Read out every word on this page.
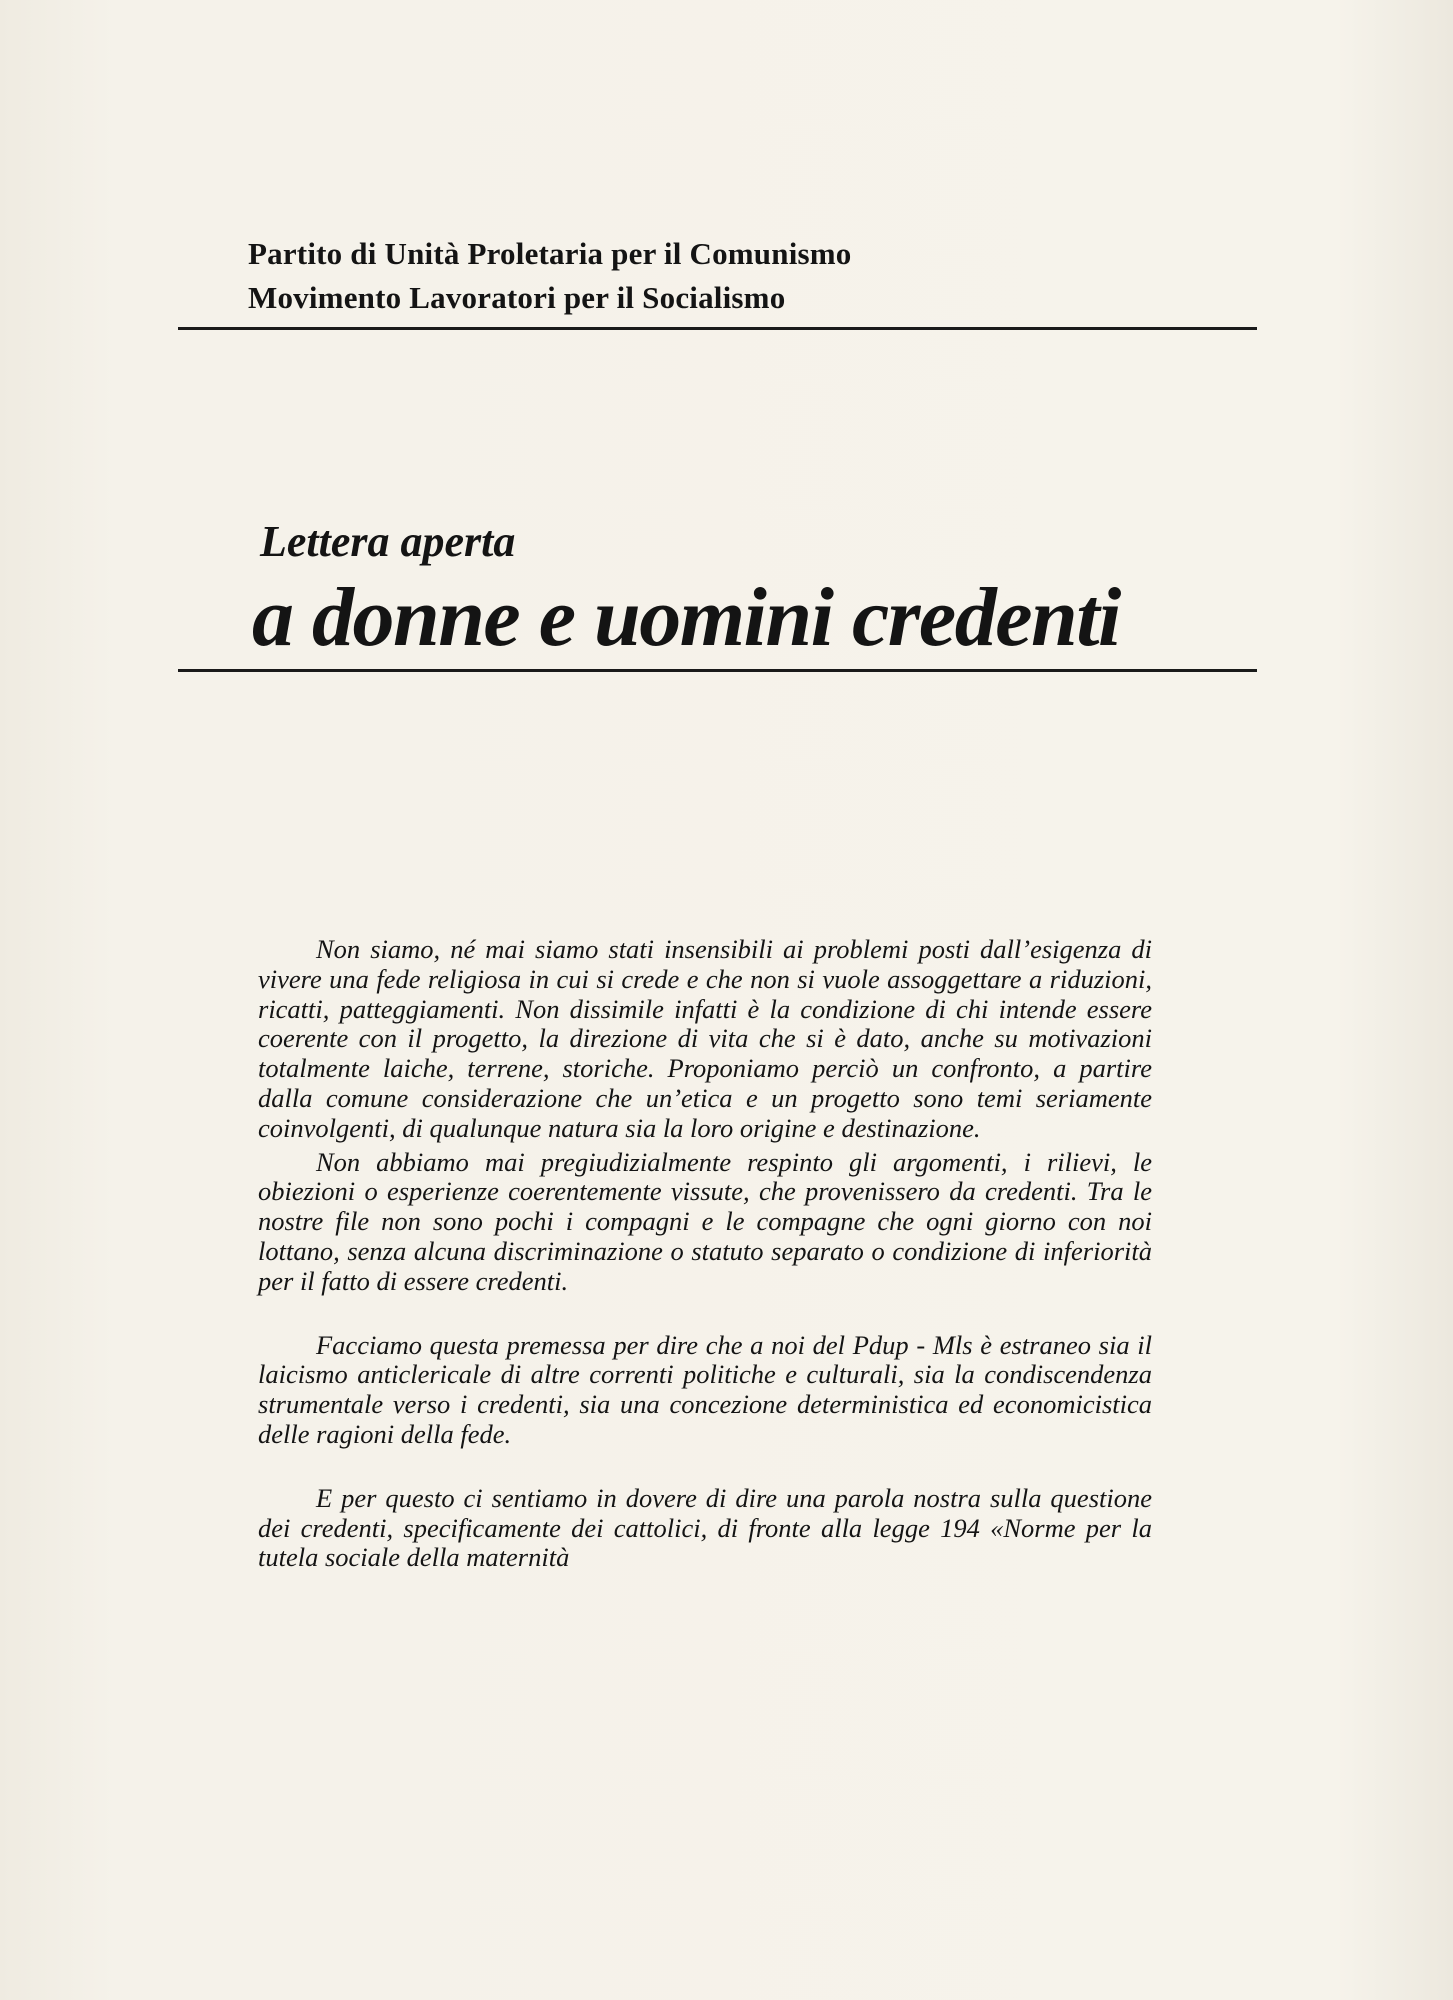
Partito di Unità Proletaria per il Comunismo
Movimento Lavoratori per il Socialismo
Lettera aperta
a donne e uomini credenti

Non siamo, né mai siamo stati insensibili ai problemi posti dall’esigenza di vivere una fede religiosa in cui si crede e che non si vuole assoggettare a riduzioni, ricatti, patteggiamenti. Non dissimile infatti è la condizione di chi intende essere coerente con il progetto, la direzione di vita che si è dato, anche su motivazioni totalmente laiche, terrene, storiche. Proponiamo perciò un confronto, a partire dalla comune considerazione che un’etica e un progetto sono temi seriamente coinvolgenti, di qualunque natura sia la loro origine e destinazione.

Non abbiamo mai pregiudizialmente respinto gli argomenti, i rilievi, le obiezioni o esperienze coerentemente vissute, che provenissero da credenti. Tra le nostre file non sono pochi i compagni e le compagne che ogni giorno con noi lottano, senza alcuna discriminazione o statuto separato o condizione di inferiorità per il fatto di essere credenti.

Facciamo questa premessa per dire che a noi del Pdup - Mls è estraneo sia il laicismo anticlericale di altre correnti politiche e culturali, sia la condiscendenza strumentale verso i credenti, sia una concezione deterministica ed economicistica delle ragioni della fede.

E per questo ci sentiamo in dovere di dire una parola nostra sulla questione dei credenti, specificamente dei cattolici, di fronte alla legge 194 «Norme per la tutela sociale della maternità
